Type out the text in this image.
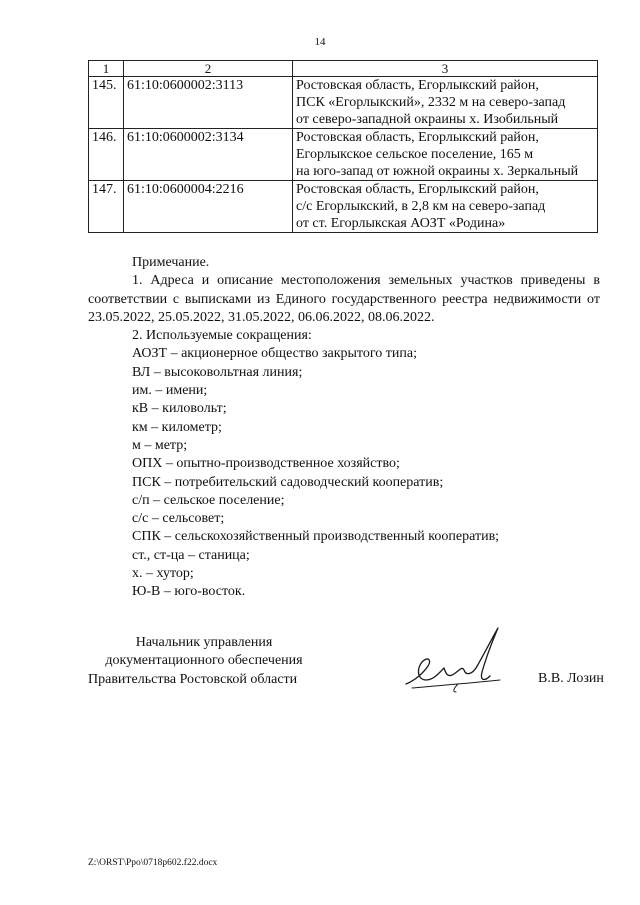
14
1	2	3
145.	61:10:0600002:3113	Ростовская область, Егорлыкский район,
ПСК «Егорлыкский», 2332 м на северо-запад
от северо-западной окраины х. Изобильный

146.	61:10:0600002:3134	Ростовская область, Егорлыкский район,
Егорлыкское сельское поселение, 165 м
на юго-запад от южной окраины х. Зеркальный

147.	61:10:0600004:2216	Ростовская область, Егорлыкский район,
с/с Егорлыкский, в 2,8 км на северо-запад
от ст. Егорлыкская АОЗТ «Родина»

Примечание.

1. Адреса и описание местоположения земельных участков приведены в соответствии с выписками из Единого государственного реестра недвижимости от 23.05.2022, 25.05.2022, 31.05.2022, 06.06.2022, 08.06.2022.

2. Используемые сокращения:

АОЗТ – акционерное общество закрытого типа;

ВЛ – высоковольтная линия;

им. – имени;

кВ – киловольт;

км – километр;

м – метр;

ОПХ – опытно-производственное хозяйство;

ПСК – потребительский садоводческий кооператив;

с/п – сельское поселение;

с/с – сельсовет;

СПК – сельскохозяйственный производственный кооператив;

ст., ст-ца – станица;

х. – хутор;

Ю-В – юго-восток.

Начальник управления

документационного обеспечения

Правительства Ростовской области	В.В. Лозин
Z:\ORST\Ppo\0718p602.f22.docx
